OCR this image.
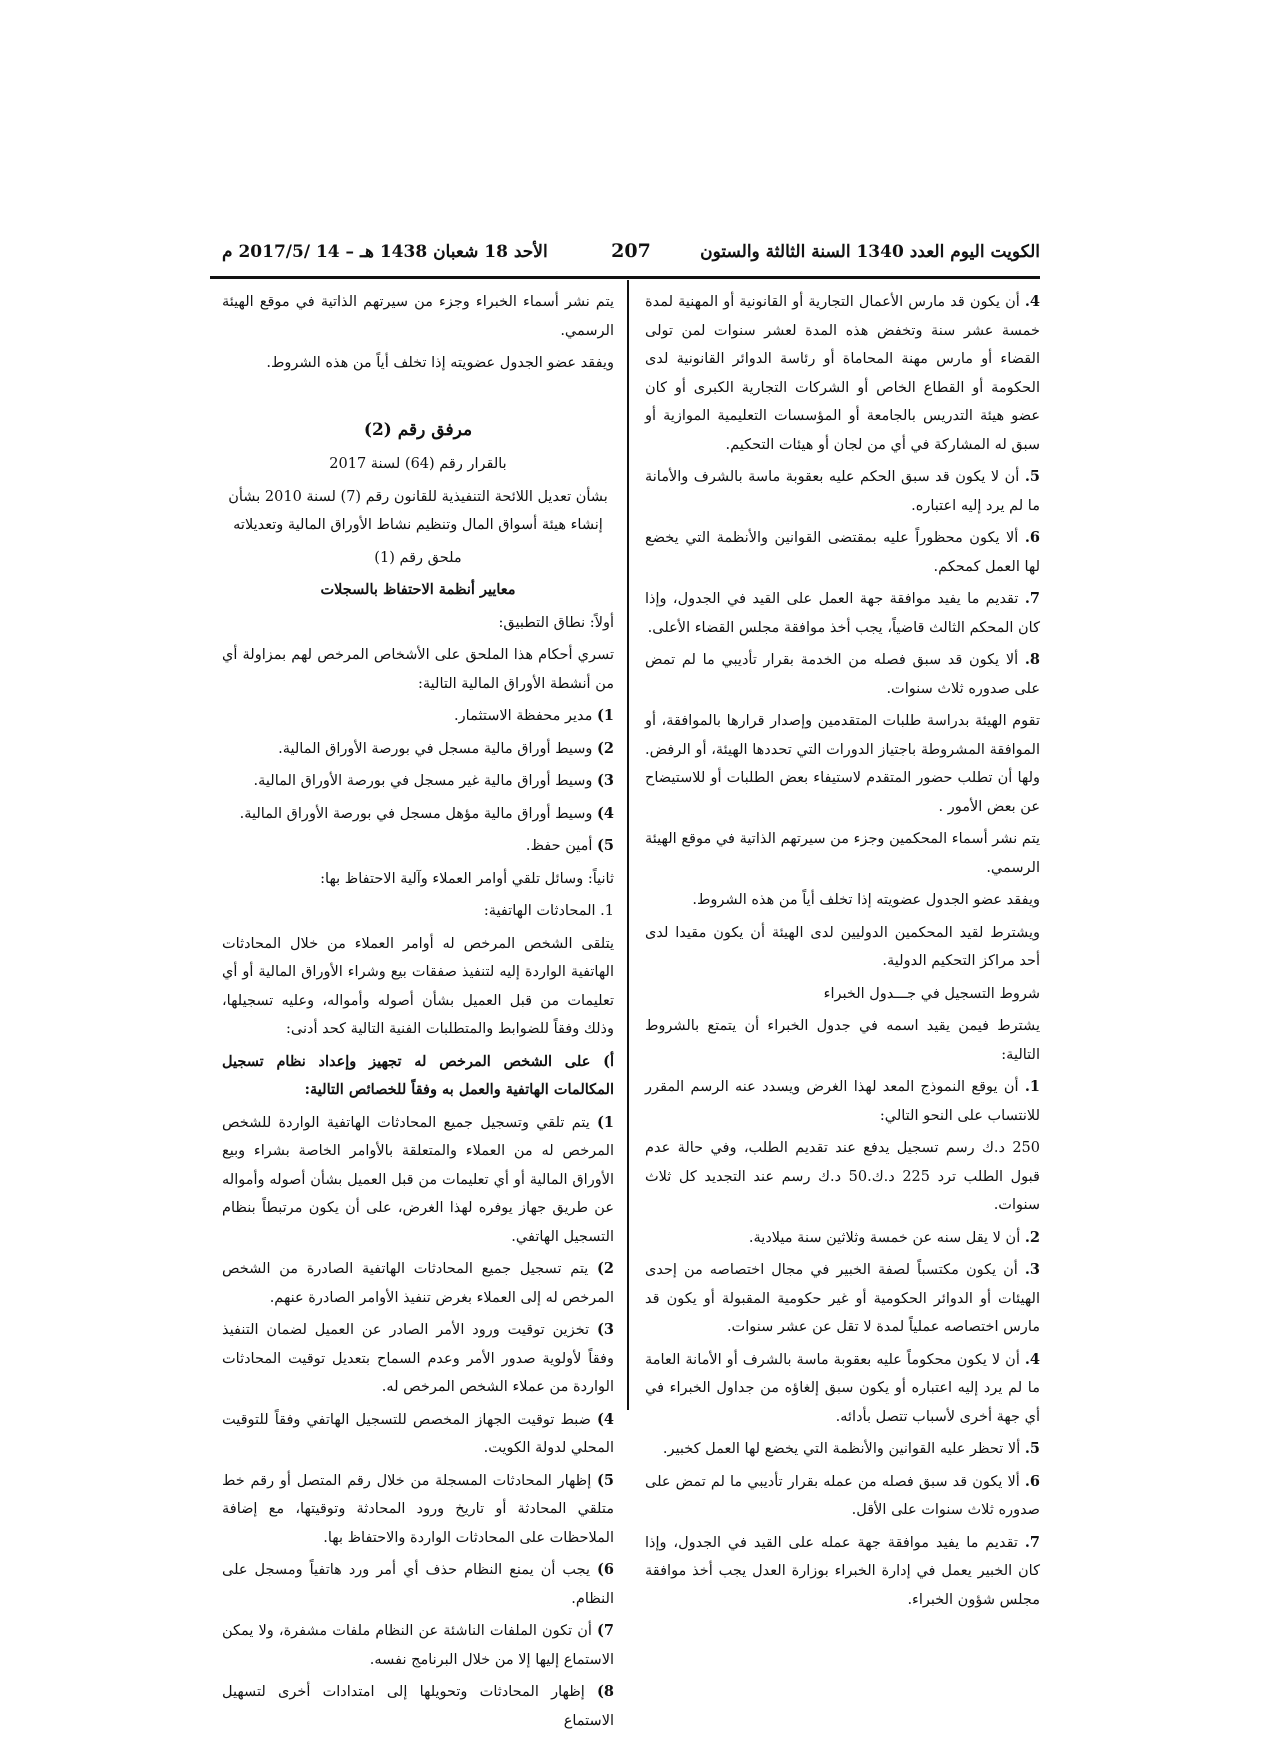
الكويت اليوم العدد 1340 السنة الثالثة والستون
207
الأحد 18 شعبان 1438 هـ – 14 /2017/5 م

4. أن يكون قد مارس الأعمال التجارية أو القانونية أو المهنية لمدة خمسة عشر سنة وتخفض هذه المدة لعشر سنوات لمن تولى القضاء أو مارس مهنة المحاماة أو رئاسة الدوائر القانونية لدى الحكومة أو القطاع الخاص أو الشركات التجارية الكبرى أو كان عضو هيئة التدريس بالجامعة أو المؤسسات التعليمية الموازية أو سبق له المشاركة في أي من لجان أو هيئات التحكيم.

5. أن لا يكون قد سبق الحكم عليه بعقوبة ماسة بالشرف والأمانة ما لم يرد إليه اعتباره.

6. ألا يكون محظوراً عليه بمقتضى القوانين والأنظمة التي يخضع لها العمل كمحكم.

7. تقديم ما يفيد موافقة جهة العمل على القيد في الجدول، وإذا كان المحكم الثالث قاضياً، يجب أخذ موافقة مجلس القضاء الأعلى.

8. ألا يكون قد سبق فصله من الخدمة بقرار تأديبي ما لم تمض على صدوره ثلاث سنوات.

تقوم الهيئة بدراسة طلبات المتقدمين وإصدار قرارها بالموافقة، أو الموافقة المشروطة باجتياز الدورات التي تحددها الهيئة، أو الرفض. ولها أن تطلب حضور المتقدم لاستيفاء بعض الطلبات أو للاستيضاح عن بعض الأمور .

يتم نشر أسماء المحكمين وجزء من سيرتهم الذاتية في موقع الهيئة الرسمي.

ويفقد عضو الجدول عضويته إذا تخلف أياً من هذه الشروط.

ويشترط لقيد المحكمين الدوليين لدى الهيئة أن يكون مقيدا لدى أحد مراكز التحكيم الدولية.

شروط التسجيل في جـــدول الخبراء

يشترط فيمن يقيد اسمه في جدول الخبراء أن يتمتع بالشروط التالية:

1. أن يوقع النموذج المعد لهذا الغرض ويسدد عنه الرسم المقرر للانتساب على النحو التالي:

250 د.ك رسم تسجيل يدفع عند تقديم الطلب، وفي حالة عدم قبول الطلب ترد 225 د.ك.50 د.ك رسم عند التجديد كل ثلاث سنوات.

2. أن لا يقل سنه عن خمسة وثلاثين سنة ميلادية.

3. أن يكون مكتسباً لصفة الخبير في مجال اختصاصه من إحدى الهيئات أو الدوائر الحكومية أو غير حكومية المقبولة أو يكون قد مارس اختصاصه عملياً لمدة لا تقل عن عشر سنوات.

4. أن لا يكون محكوماً عليه بعقوبة ماسة بالشرف أو الأمانة العامة ما لم يرد إليه اعتباره أو يكون سبق إلغاؤه من جداول الخبراء في أي جهة أخرى لأسباب تتصل بأدائه.

5. ألا تحظر عليه القوانين والأنظمة التي يخضع لها العمل كخبير.

6. ألا يكون قد سبق فصله من عمله بقرار تأديبي ما لم تمض على صدوره ثلاث سنوات على الأقل.

7. تقديم ما يفيد موافقة جهة عمله على القيد في الجدول، وإذا كان الخبير يعمل في إدارة الخبراء بوزارة العدل يجب أخذ موافقة مجلس شؤون الخبراء.

يتم نشر أسماء الخبراء وجزء من سيرتهم الذاتية في موقع الهيئة الرسمي.

ويفقد عضو الجدول عضويته إذا تخلف أياً من هذه الشروط.

مرفق رقم (2)

بالقرار رقم (64) لسنة 2017

بشأن تعديل اللائحة التنفيذية للقانون رقم (7) لسنة 2010 بشأن إنشاء هيئة أسواق المال وتنظيم نشاط الأوراق المالية وتعديلاته

ملحق رقم (1)

معايير أنظمة الاحتفاظ بالسجلات

أولاً: نطاق التطبيق:

تسري أحكام هذا الملحق على الأشخاص المرخص لهم بمزاولة أي من أنشطة الأوراق المالية التالية:

1) مدير محفظة الاستثمار.

2) وسيط أوراق مالية مسجل في بورصة الأوراق المالية.

3) وسيط أوراق مالية غير مسجل في بورصة الأوراق المالية.

4) وسيط أوراق مالية مؤهل مسجل في بورصة الأوراق المالية.

5) أمين حفظ.

ثانياً: وسائل تلقي أوامر العملاء وآلية الاحتفاظ بها:

1. المحادثات الهاتفية:

يتلقى الشخص المرخص له أوامر العملاء من خلال المحادثات الهاتفية الواردة إليه لتنفيذ صفقات بيع وشراء الأوراق المالية أو أي تعليمات من قبل العميل بشأن أصوله وأمواله، وعليه تسجيلها، وذلك وفقاً للضوابط والمتطلبات الفنية التالية كحد أدنى:

أ) على الشخص المرخص له تجهيز وإعداد نظام تسجيل المكالمات الهاتفية والعمل به وفقاً للخصائص التالية:

1) يتم تلقي وتسجيل جميع المحادثات الهاتفية الواردة للشخص المرخص له من العملاء والمتعلقة بالأوامر الخاصة بشراء وبيع الأوراق المالية أو أي تعليمات من قبل العميل بشأن أصوله وأمواله عن طريق جهاز يوفره لهذا الغرض، على أن يكون مرتبطاً بنظام التسجيل الهاتفي.

2) يتم تسجيل جميع المحادثات الهاتفية الصادرة من الشخص المرخص له إلى العملاء بغرض تنفيذ الأوامر الصادرة عنهم.

3) تخزين توقيت ورود الأمر الصادر عن العميل لضمان التنفيذ وفقاً لأولوية صدور الأمر وعدم السماح بتعديل توقيت المحادثات الواردة من عملاء الشخص المرخص له.

4) ضبط توقيت الجهاز المخصص للتسجيل الهاتفي وفقاً للتوقيت المحلي لدولة الكويت.

5) إظهار المحادثات المسجلة من خلال رقم المتصل أو رقم خط متلقي المحادثة أو تاريخ ورود المحادثة وتوقيتها، مع إضافة الملاحظات على المحادثات الواردة والاحتفاظ بها.

6) يجب أن يمنع النظام حذف أي أمر ورد هاتفياً ومسجل على النظام.

7) أن تكون الملفات الناشئة عن النظام ملفات مشفرة، ولا يمكن الاستماع إليها إلا من خلال البرنامج نفسه.

8) إظهار المحادثات وتحويلها إلى امتدادات أخرى لتسهيل الاستماع
